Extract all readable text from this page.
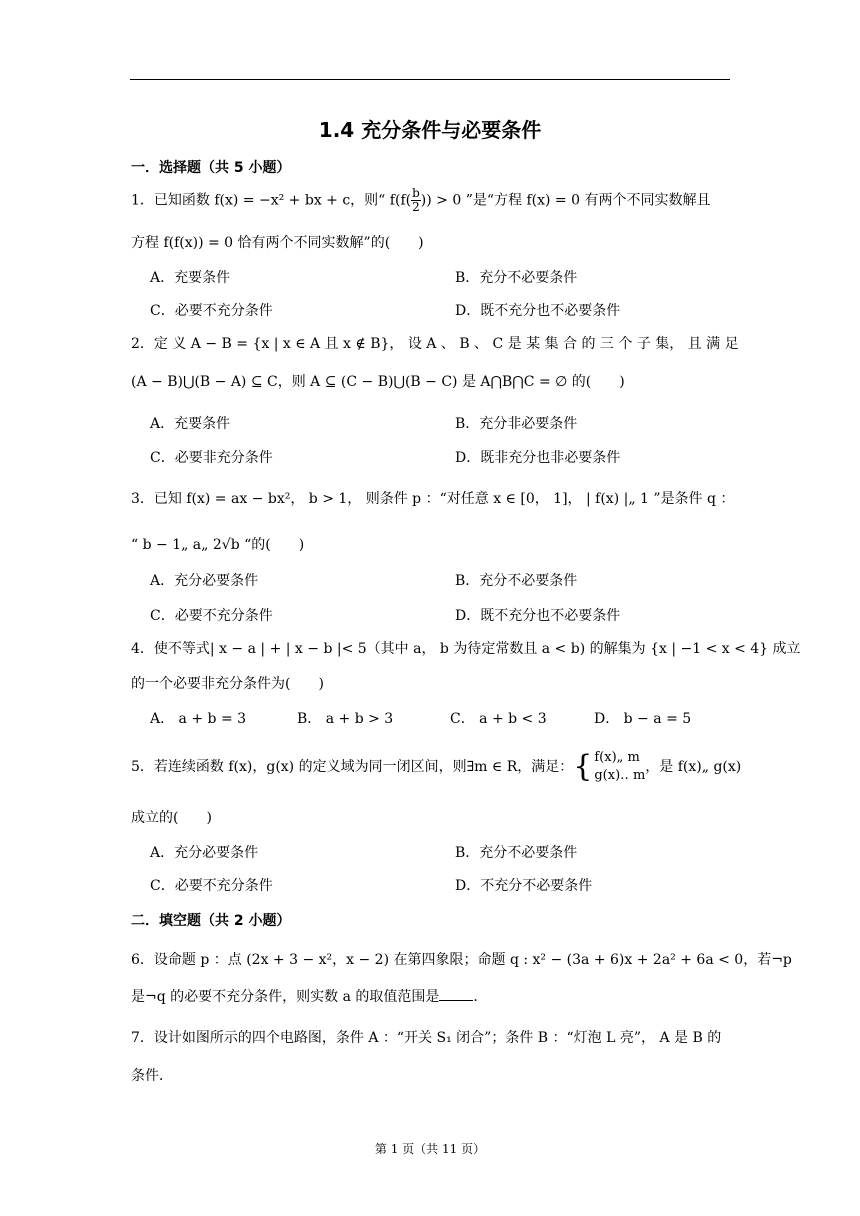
1.4 充分条件与必要条件
一．选择题（共 5 小题）
1．已知函数 f(x) = −x² + bx + c，则“ $f(f( \frac{b}{2}$ )) > 0 ”是“方程 f(x) = 0 有两个不同实数解且
方程 f(f(x)) = 0 恰有两个不同实数解”的(　　)
A．充要条件	B．充分不必要条件
C．必要不充分条件	D．既不充分也不必要条件
2．定 义 A − B = {x | x ∈ A 且 x ∉ B}， 设 A 、 B 、 C 是 某 集 合 的 三 个 子 集， 且 满 足
(A − B)⋃(B − A) ⊆ C，则 A ⊆ (C − B)⋃(B − C) 是 A⋂B⋂C = ∅ 的(　　)
A．充要条件	B．充分非必要条件
C．必要非充分条件	D．既非充分也非必要条件
3．已知 f(x) = ax − bx²， b > 1， 则条件 p ：“对任意 x ∈ [0， 1]， | f(x) |„ 1 ”是条件 q ：
“ b − 1„ a„ 2√b “的(　　)
A．充分必要条件	B．充分不必要条件
C．必要不充分条件	D．既不充分也不必要条件
4．使不等式| x − a | + | x − b |< 5（其中 a， b 为待定常数且 a < b) 的解集为 {x | −1 < x < 4} 成立
的一个必要非充分条件为(　　)
A． a + b = 3	B． a + b > 3	C． a + b < 3	D． b − a = 5
5．若连续函数 f(x)，g(x) 的定义域为同一闭区间，则∃m ∈ R，满足：{ f(x)„ m
g(x)‥ m
，是 f(x)„ g(x)
成立的(　　)
A．充分必要条件	B．充分不必要条件
C．必要不充分条件	D．不充分不必要条件
二．填空题（共 2 小题）
6．设命题 p ：点 (2x + 3 − x²，x − 2) 在第四象限；命题 q : x² − (3a + 6)x + 2a² + 6a < 0，若¬p
是¬q 的必要不充分条件，则实数 a 的取值范围是 ．
7．设计如图所示的四个电路图，条件 A ：“开关 S₁ 闭合”；条件 B ：“灯泡 L 亮”， A 是 B 的
条件．
第 1 页（共 11 页）
